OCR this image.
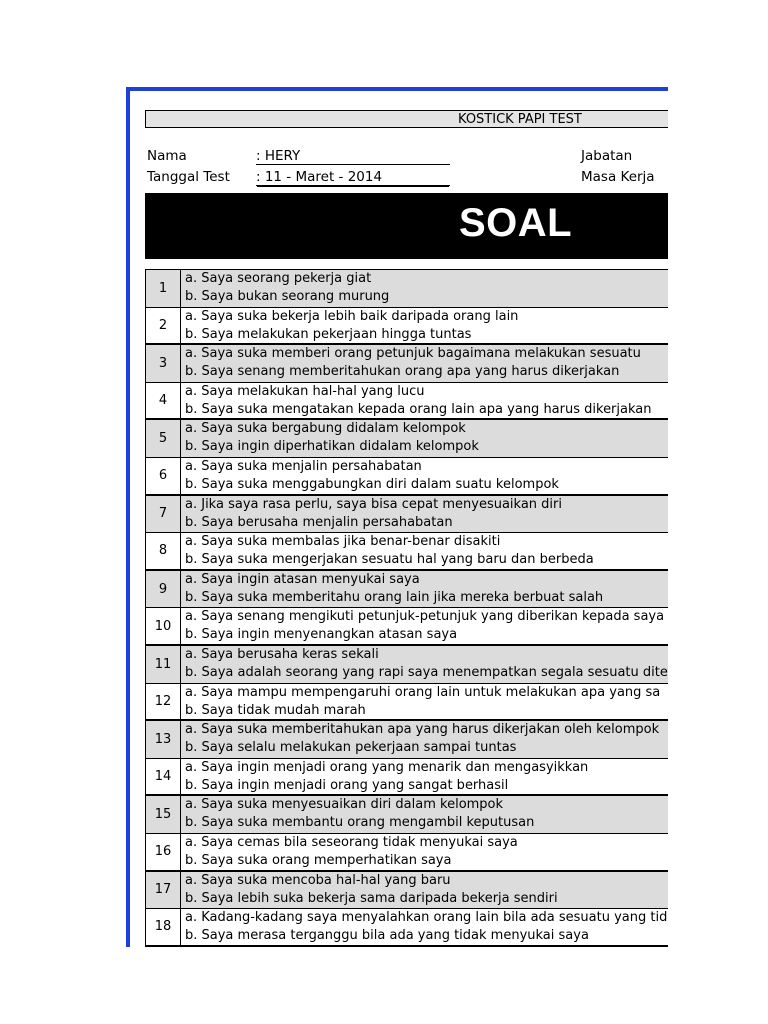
KOSTICK PAPI TEST
Nama	: HERY	Jabatan
Tanggal Test : 11 - Maret - 2014	Masa Kerja
SOAL
1
a. Saya seorang pekerja giat
b. Saya bukan seorang murung
2
a. Saya suka bekerja lebih baik daripada orang lain
b. Saya melakukan pekerjaan hingga tuntas
3
a. Saya suka memberi orang petunjuk bagaimana melakukan sesuatu
b. Saya senang memberitahukan orang apa yang harus dikerjakan
4
a. Saya melakukan hal-hal yang lucu
b. Saya suka mengatakan kepada orang lain apa yang harus dikerjakan
5
a. Saya suka bergabung didalam kelompok
b. Saya ingin diperhatikan didalam kelompok
6
a. Saya suka menjalin persahabatan
b. Saya suka menggabungkan diri dalam suatu kelompok
7
a. Jika saya rasa perlu, saya bisa cepat menyesuaikan diri
b. Saya berusaha menjalin persahabatan
8
a. Saya suka membalas jika benar-benar disakiti
b. Saya suka mengerjakan sesuatu hal yang baru dan berbeda
9
a. Saya ingin atasan menyukai saya
b. Saya suka memberitahu orang lain jika mereka berbuat salah
10
a. Saya senang mengikuti petunjuk-petunjuk yang diberikan kepada saya
b. Saya ingin menyenangkan atasan saya
11
a. Saya berusaha keras sekali
b. Saya adalah seorang yang rapi saya menempatkan segala sesuatu dite
12
a. Saya mampu mempengaruhi orang lain untuk melakukan apa yang sa
b. Saya tidak mudah marah
13
a. Saya suka memberitahukan apa yang harus dikerjakan oleh kelompok
b. Saya selalu melakukan pekerjaan sampai tuntas
14
a. Saya ingin menjadi orang yang menarik dan mengasyikkan
b. Saya ingin menjadi orang yang sangat berhasil
15
a. Saya suka menyesuaikan diri dalam kelompok
b. Saya suka membantu orang mengambil keputusan
16
a. Saya cemas bila seseorang tidak menyukai saya
b. Saya suka orang memperhatikan saya
17
a. Saya suka mencoba hal-hal yang baru
b. Saya lebih suka bekerja sama daripada bekerja sendiri
18
a. Kadang-kadang saya menyalahkan orang lain bila ada sesuatu yang tid
b. Saya merasa terganggu bila ada yang tidak menyukai saya
